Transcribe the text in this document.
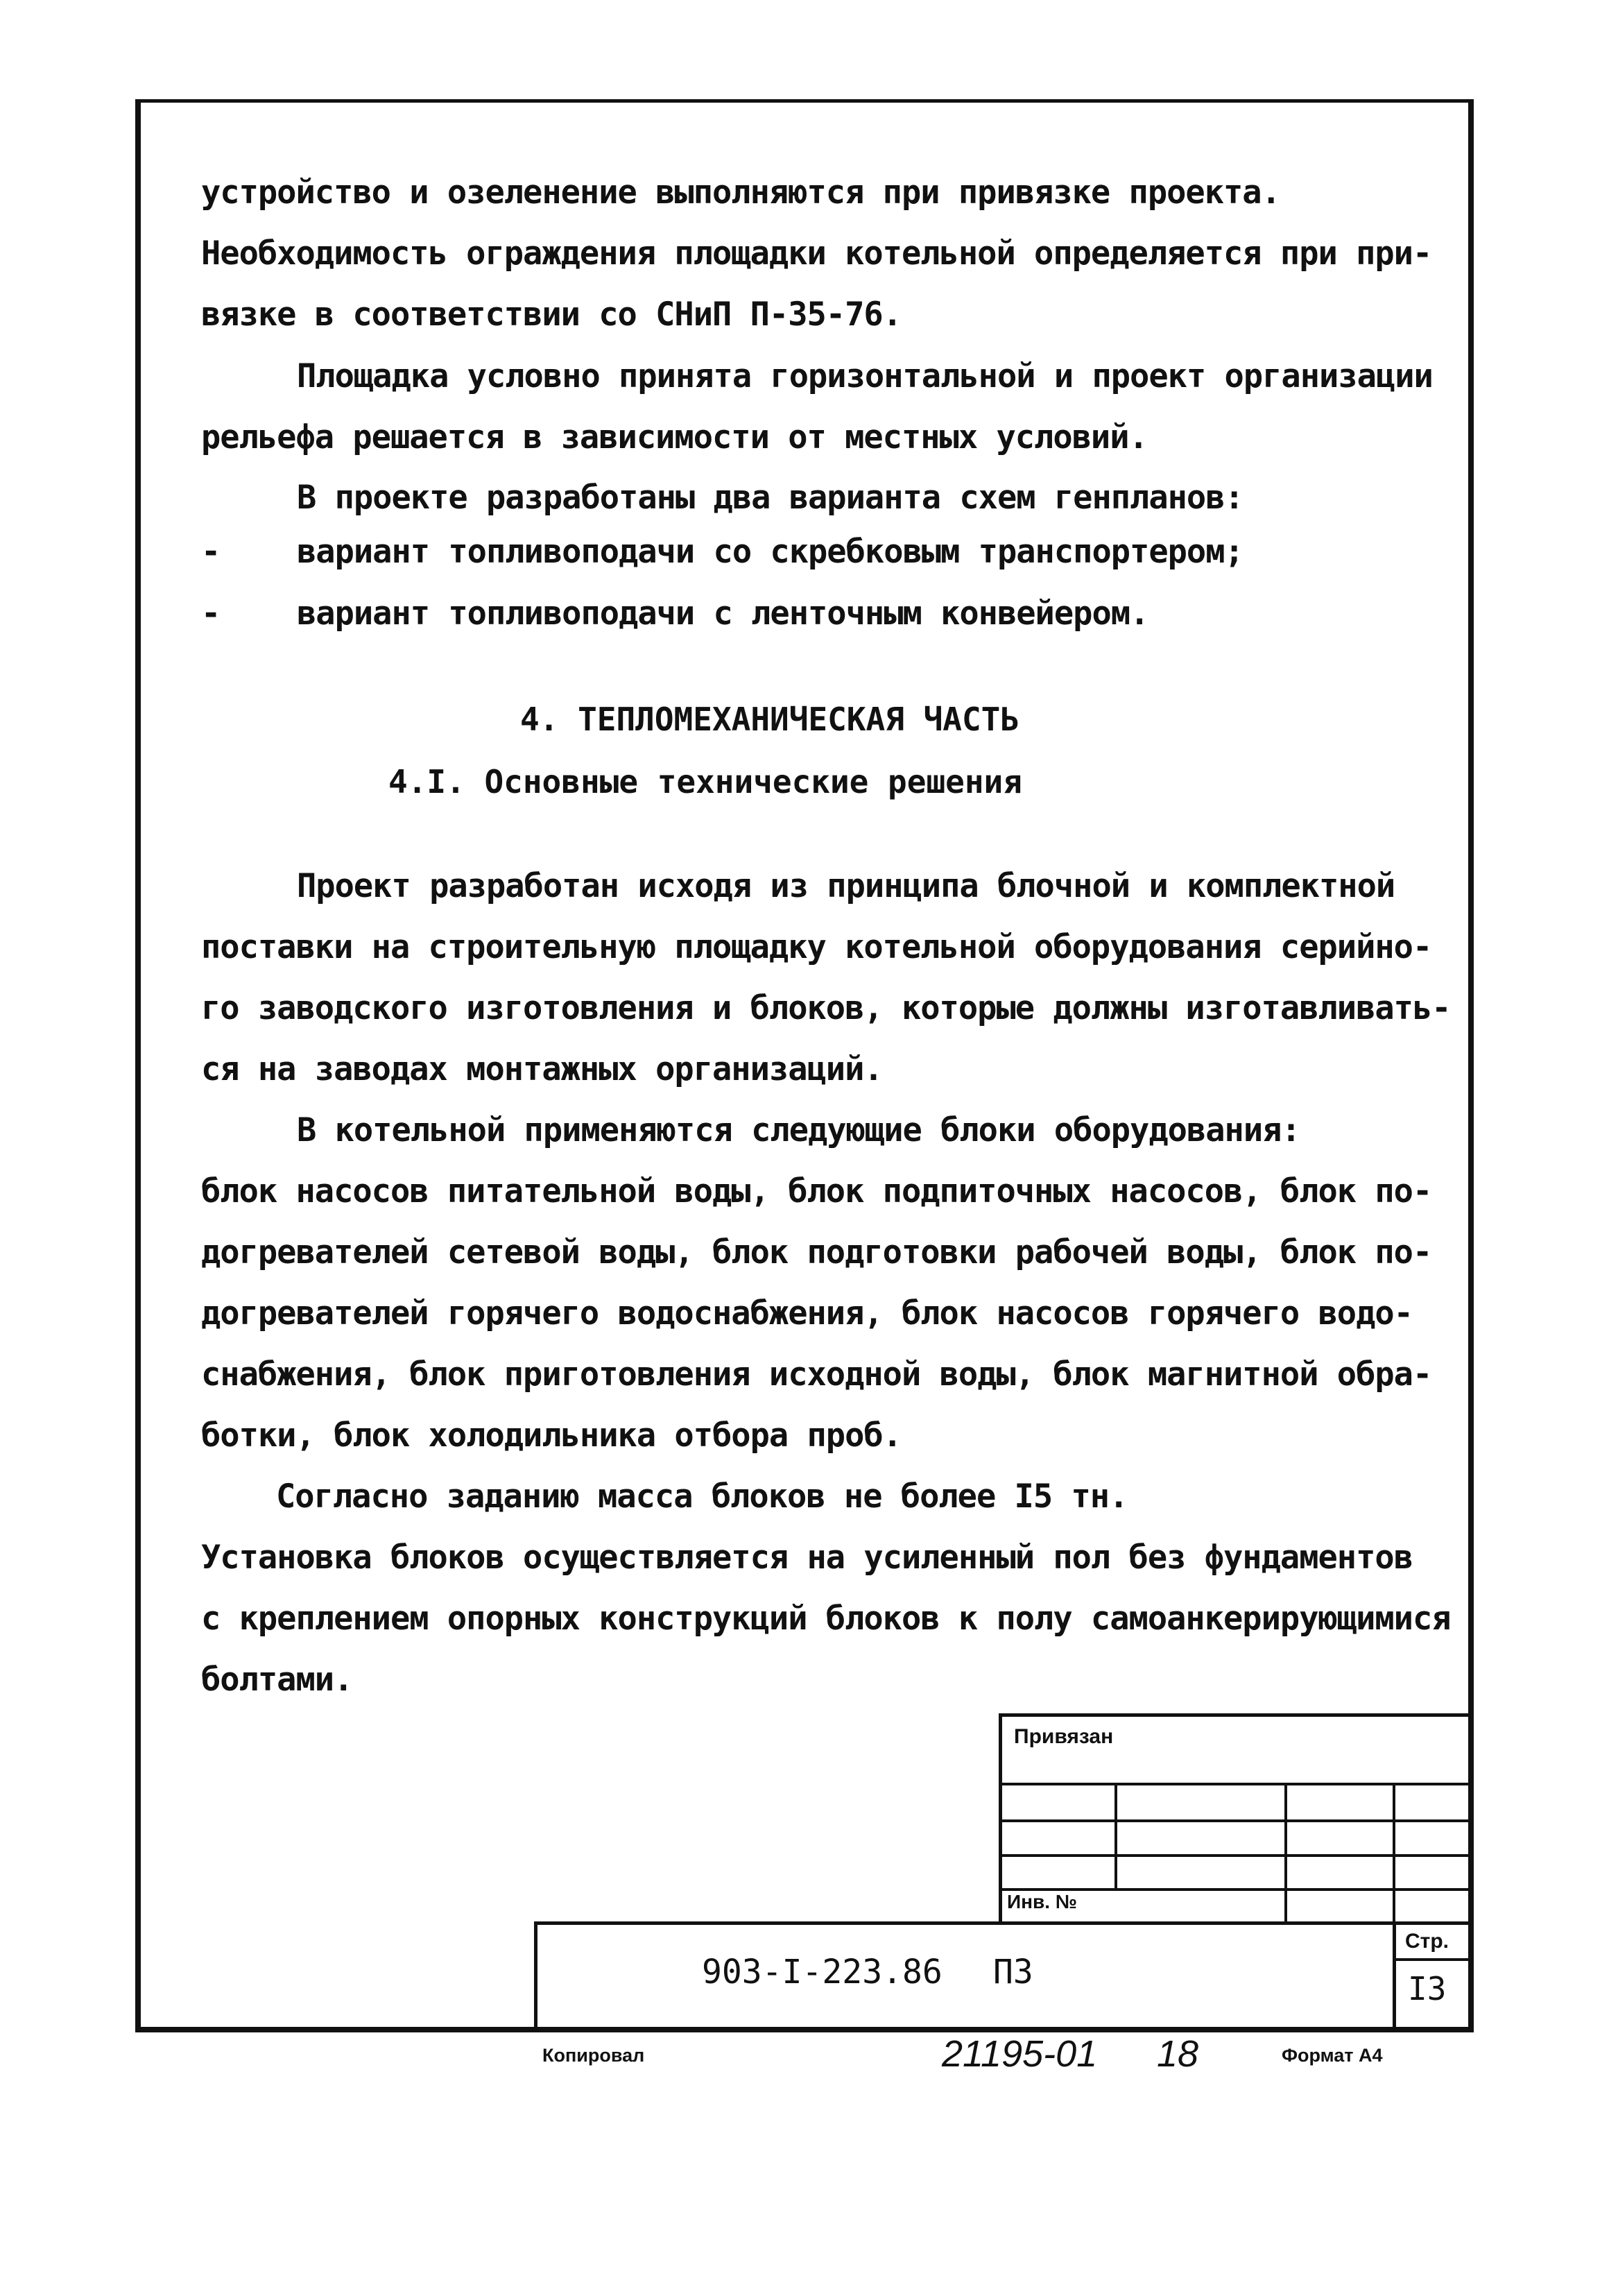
устройство и озеленение выполняются при привязке проекта.
Необходимость ограждения площадки котельной определяется при при-
вязке в соответствии со СНиП П-35-76.
Площадка условно принята горизонтальной и проект организации
рельефа решается в зависимости от местных условий.
В проекте разработаны два варианта схем генпланов:
- вариант топливоподачи со скребковым транспортером;
- вариант топливоподачи с ленточным конвейером.
4. ТЕПЛОМЕХАНИЧЕСКАЯ ЧАСТЬ
4.I. Основные технические решения
Проект разработан исходя из принципа блочной и комплектной
поставки на строительную площадку котельной оборудования серийно-
го заводского изготовления и блоков, которые должны изготавливать-
ся на заводах монтажных организаций.
В котельной применяются следующие блоки оборудования:
блок насосов питательной воды, блок подпиточных насосов, блок по-
догревателей сетевой воды, блок подготовки рабочей воды, блок по-
догревателей горячего водоснабжения, блок насосов горячего водо-
снабжения, блок приготовления исходной воды, блок магнитной обра-
ботки, блок холодильника отбора проб.
Согласно заданию масса блоков не более I5 тн.
Установка блоков осуществляется на усиленный пол без фундаментов
с креплением опорных конструкций блоков к полу самоанкерирующимися
болтами.
Привязан
Инв. №
903-I-223.86 ПЗ
Стр.
I3
Копировал	21195-01 18	Формат А4
